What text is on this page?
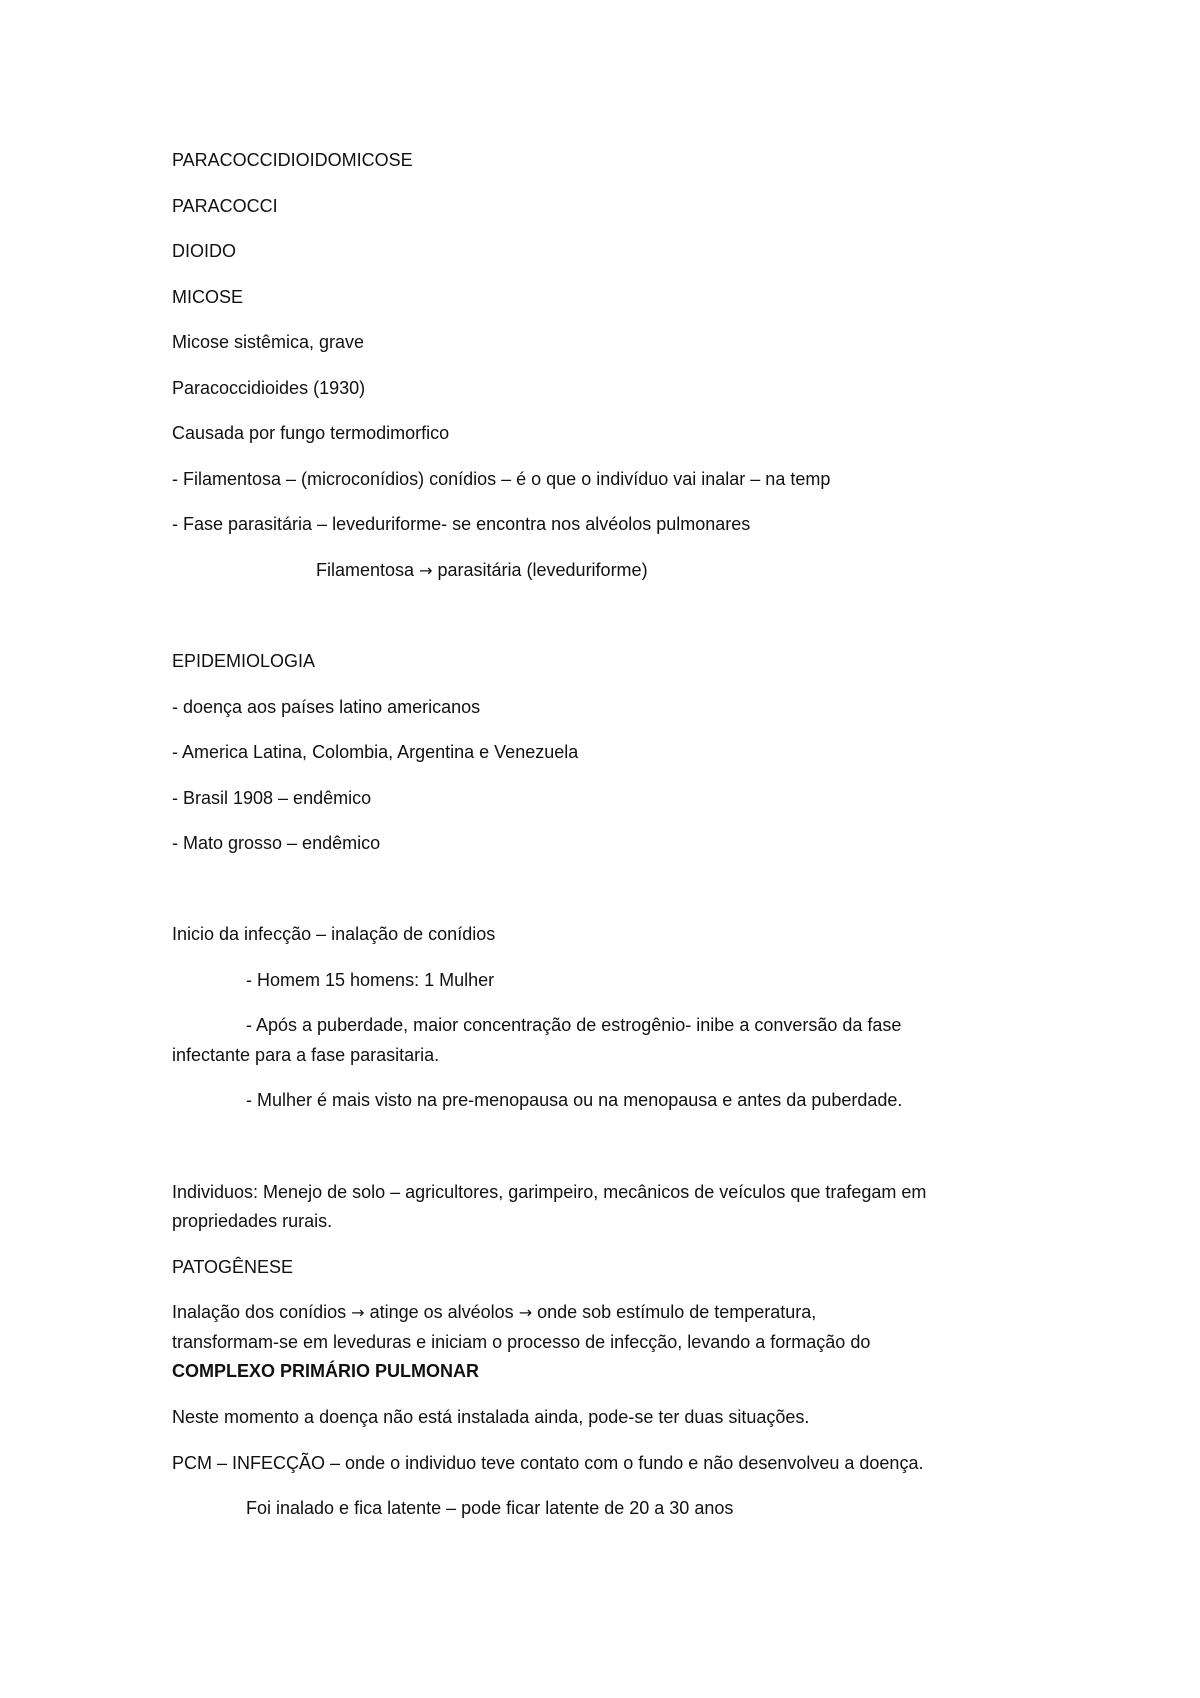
PARACOCCIDIOIDOMICOSE
PARACOCCI
DIOIDO
MICOSE
Micose sistêmica, grave
Paracoccidioides (1930)
Causada por fungo termodimorfico
- Filamentosa – (microconídios) conídios – é o que o indivíduo vai inalar – na temp
- Fase parasitária – leveduriforme- se encontra nos alvéolos pulmonares
Filamentosa → parasitária (leveduriforme)
EPIDEMIOLOGIA
- doença aos países latino americanos
- America Latina, Colombia, Argentina e Venezuela
- Brasil 1908 – endêmico
- Mato grosso – endêmico
Inicio da infecção – inalação de conídios
- Homem 15 homens: 1 Mulher
- Após a puberdade, maior concentração de estrogênio- inibe a conversão da fase
infectante para a fase parasitaria.
- Mulher é mais visto na pre-menopausa ou na menopausa e antes da puberdade.
Individuos: Menejo de solo – agricultores, garimpeiro, mecânicos de veículos que trafegam em
propriedades rurais.
PATOGÊNESE
Inalação dos conídios → atinge os alvéolos → onde sob estímulo de temperatura,
transformam-se em leveduras e iniciam o processo de infecção, levando a formação do
COMPLEXO PRIMÁRIO PULMONAR
Neste momento a doença não está instalada ainda, pode-se ter duas situações.
PCM – INFECÇÃO – onde o individuo teve contato com o fundo e não desenvolveu a doença.
Foi inalado e fica latente – pode ficar latente de 20 a 30 anos
